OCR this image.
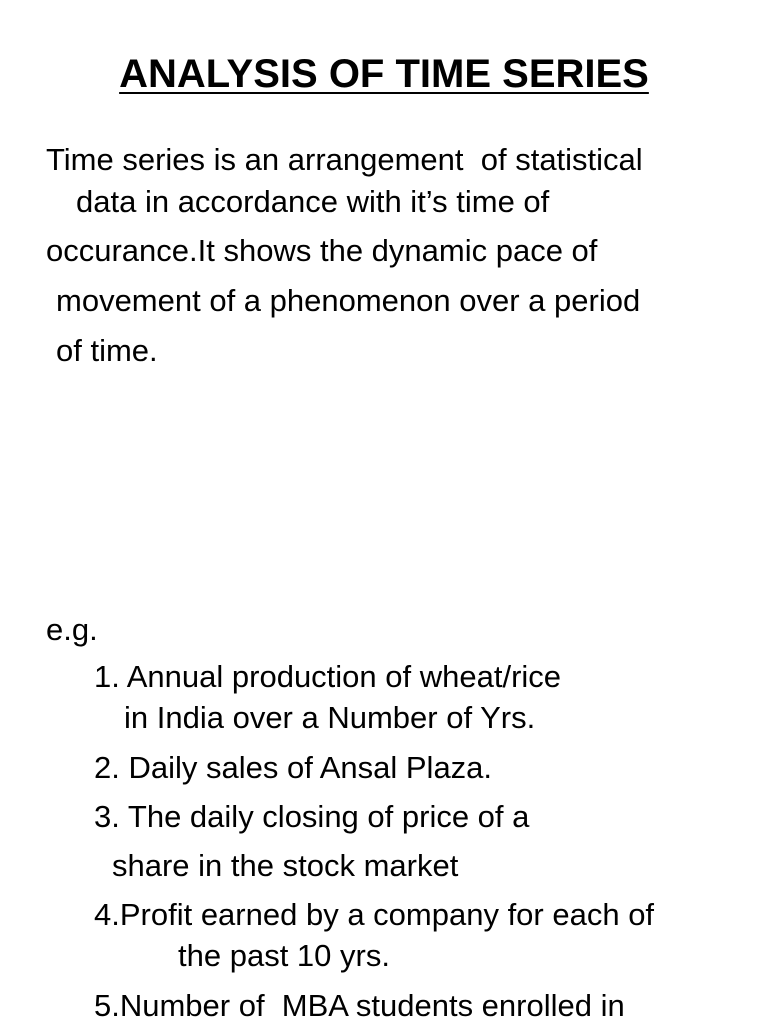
ANALYSIS OF TIME SERIES

Time series is an arrangement  of statistical

data in accordance with it’s time of

occurance.It shows the dynamic pace of

movement of a phenomenon over a period

of time.

e.g.

1. Annual production of wheat/rice

in India over a Number of Yrs.

2. Daily sales of Ansal Plaza.

3. The daily closing of price of a

share in the stock market

4.Profit earned by a company for each of

the past 10 yrs.

5.Number of  MBA students enrolled in
